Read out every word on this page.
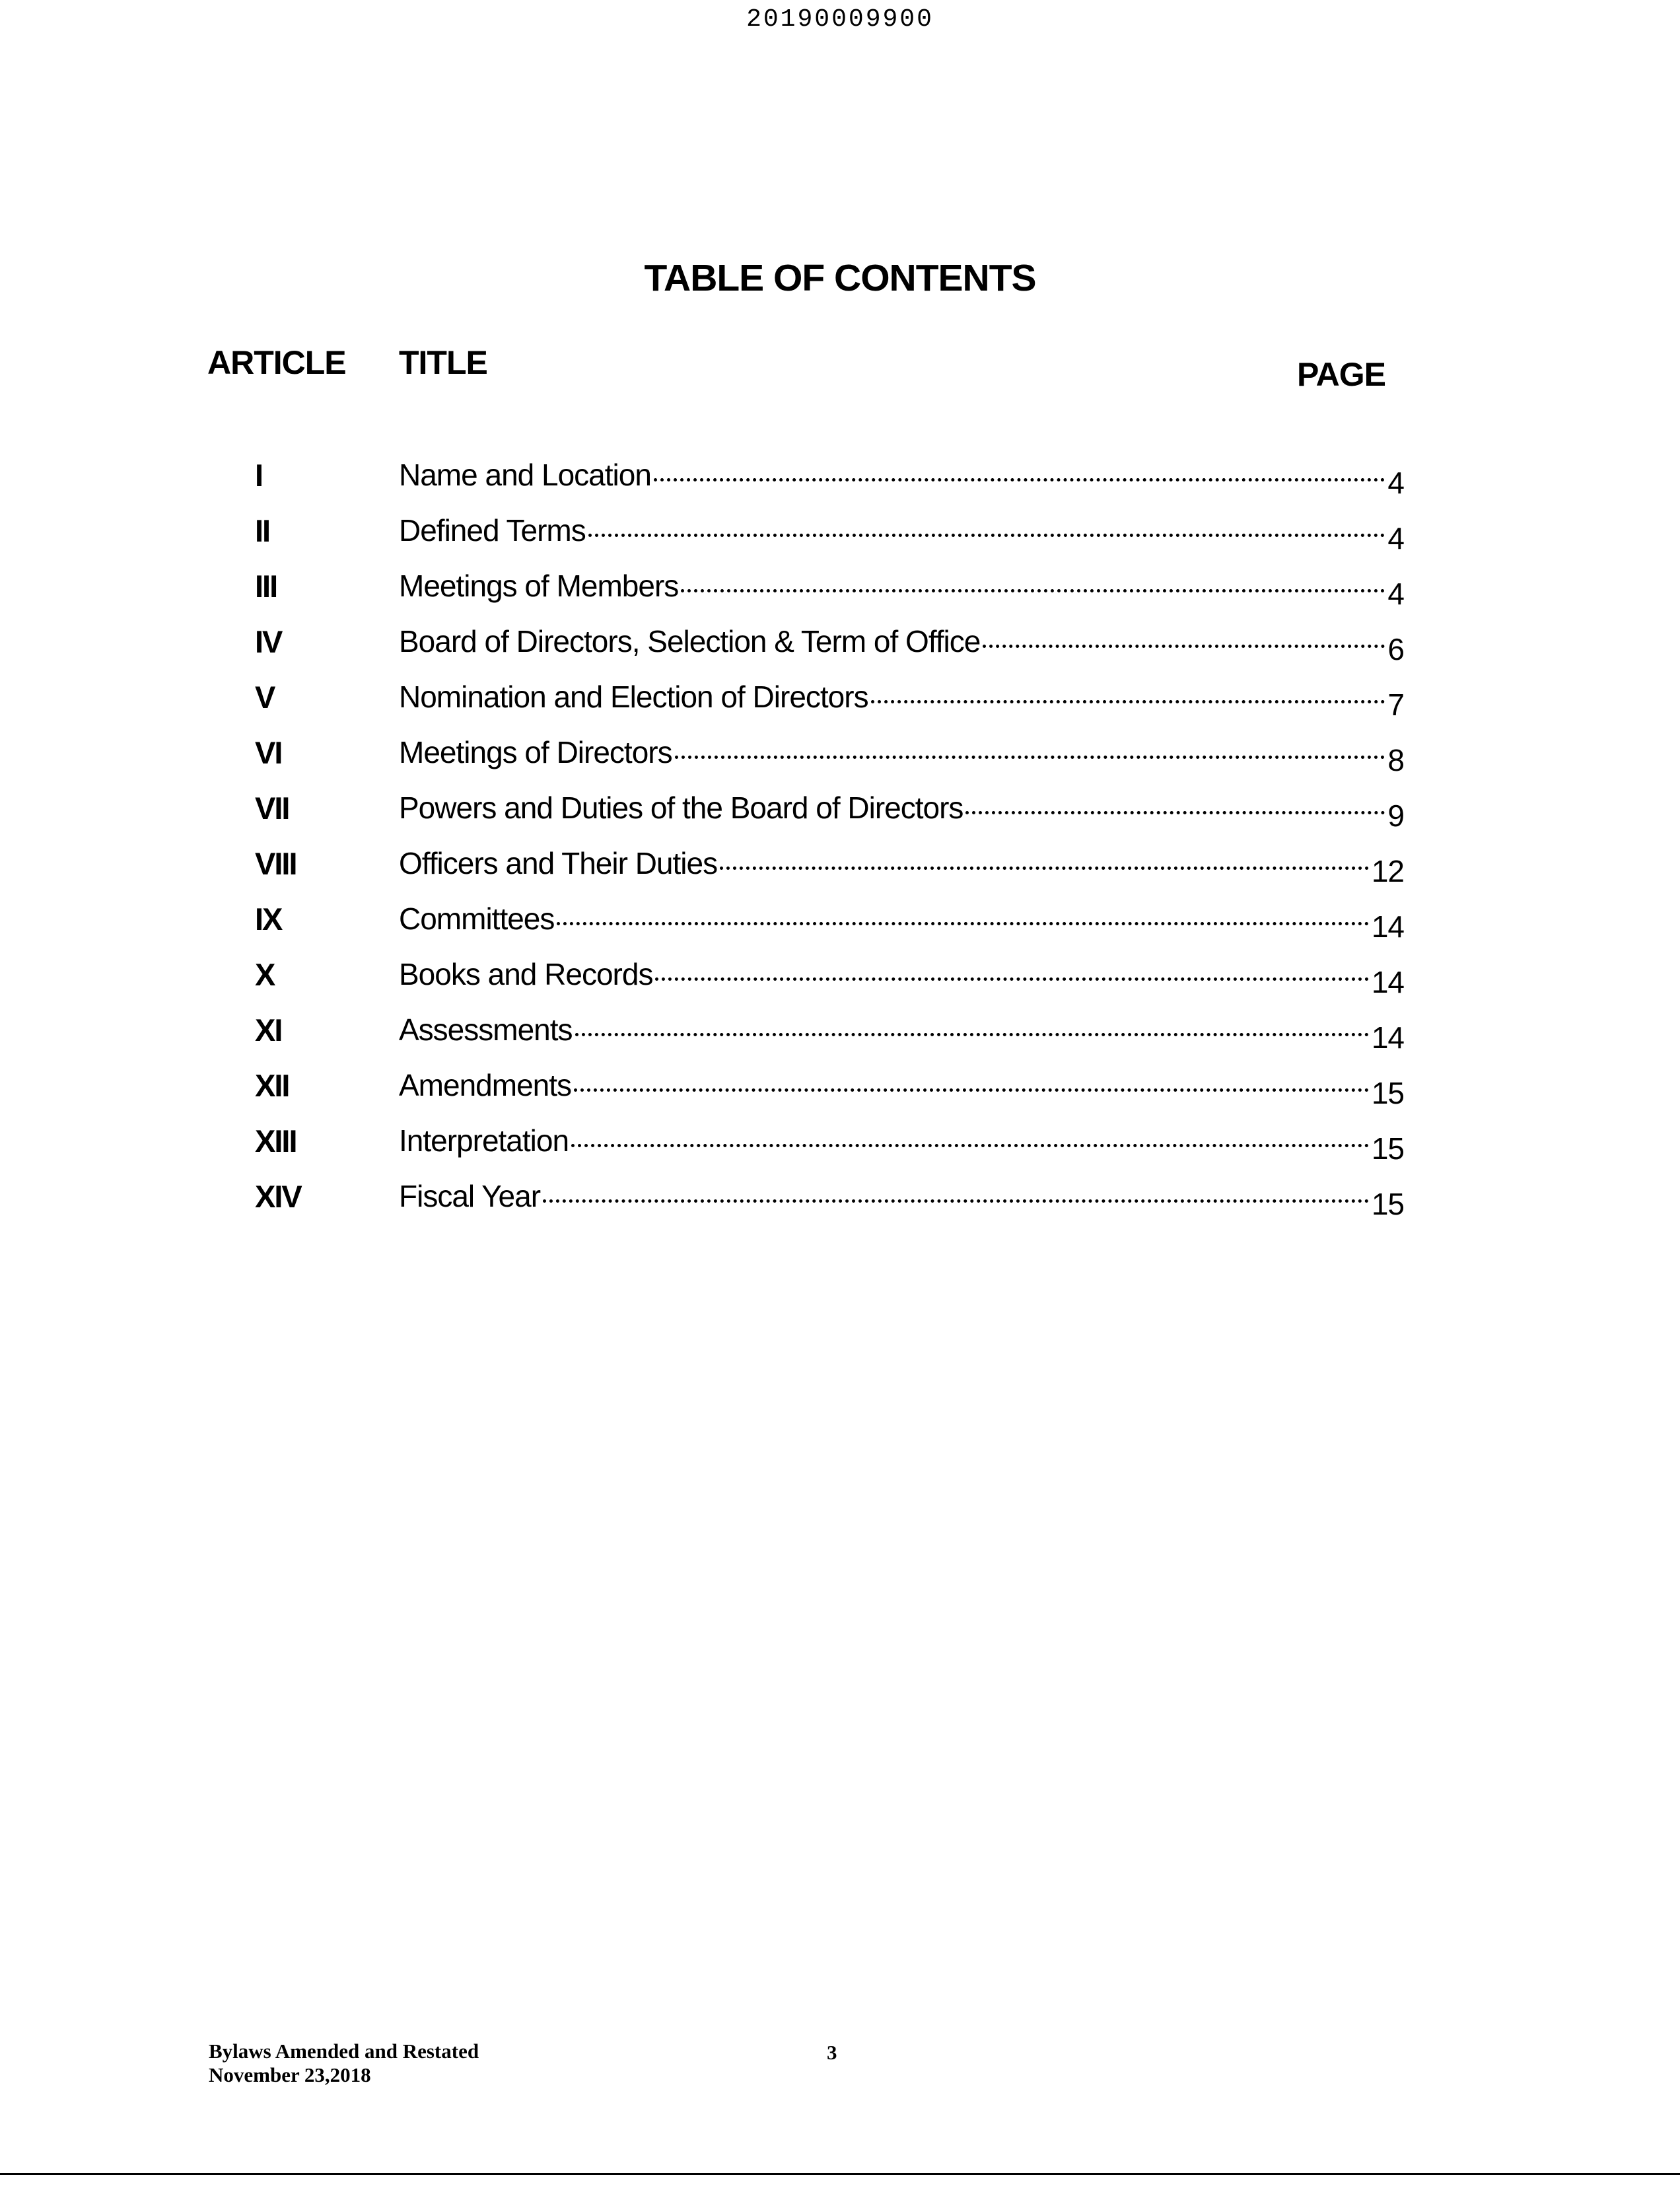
20190009900
TABLE OF CONTENTS
ARTICLE TITLE	PAGE
I	Name and Location	4
II	Defined Terms	4
III	Meetings of Members	4
IV	Board of Directors, Selection & Term of Office	6
V	Nomination and Election of Directors	7
VI	Meetings of Directors	8
VII	Powers and Duties of the Board of Directors	9
VIII	Officers and Their Duties	12
IX	Committees	14
X	Books and Records	14
XI	Assessments	14
XII	Amendments	15
XIII	Interpretation	15
XIV	Fiscal Year	15
Bylaws Amended and Restated
November 23,2018
3
